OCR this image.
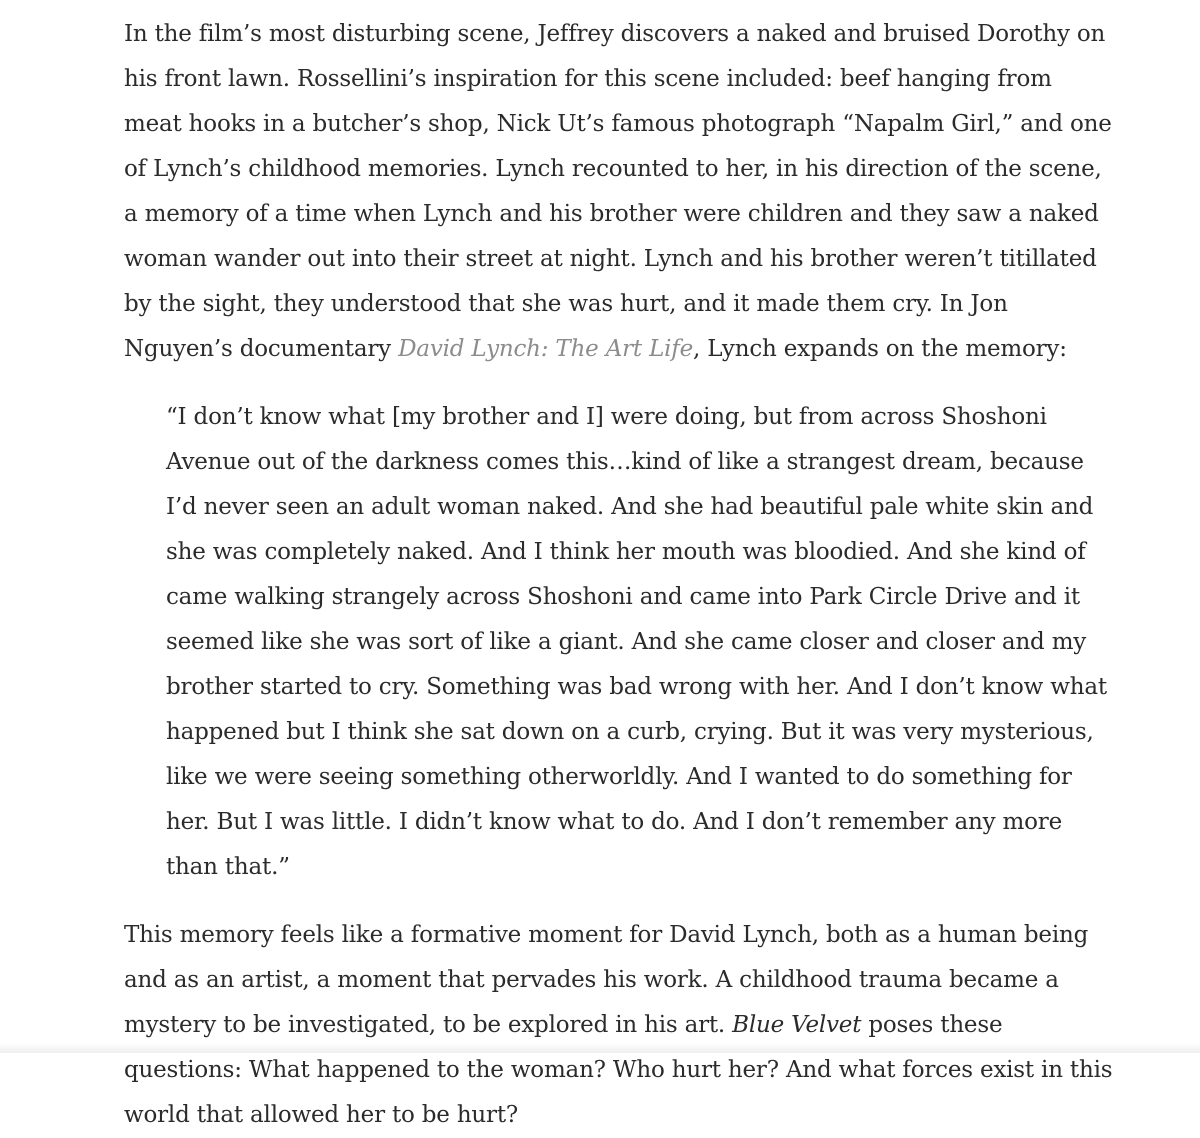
In the film’s most disturbing scene, Jeffrey discovers a naked and bruised Dorothy on his front lawn. Rossellini’s inspiration for this scene included: beef hanging from meat hooks in a butcher’s shop, Nick Ut’s famous photograph “Napalm Girl,” and one of Lynch’s childhood memories. Lynch recounted to her, in his direction of the scene, a memory of a time when Lynch and his brother were children and they saw a naked woman wander out into their street at night. Lynch and his brother weren’t titillated by the sight, they understood that she was hurt, and it made them cry. In Jon Nguyen’s documentary David Lynch: The Art Life, Lynch expands on the memory:

“I don’t know what [my brother and I] were doing, but from across Shoshoni Avenue out of the darkness comes this…kind of like a strangest dream, because I’d never seen an adult woman naked. And she had beautiful pale white skin and she was completely naked. And I think her mouth was bloodied. And she kind of came walking strangely across Shoshoni and came into Park Circle Drive and it seemed like she was sort of like a giant. And she came closer and closer and my brother started to cry. Something was bad wrong with her. And I don’t know what happened but I think she sat down on a curb, crying. But it was very mysterious, like we were seeing something otherworldly. And I wanted to do something for her. But I was little. I didn’t know what to do. And I don’t remember any more than that.”

This memory feels like a formative moment for David Lynch, both as a human being and as an artist, a moment that pervades his work. A childhood trauma became a mystery to be investigated, to be explored in his art. Blue Velvet poses these questions: What happened to the woman? Who hurt her? And what forces exist in this world that allowed her to be hurt?
